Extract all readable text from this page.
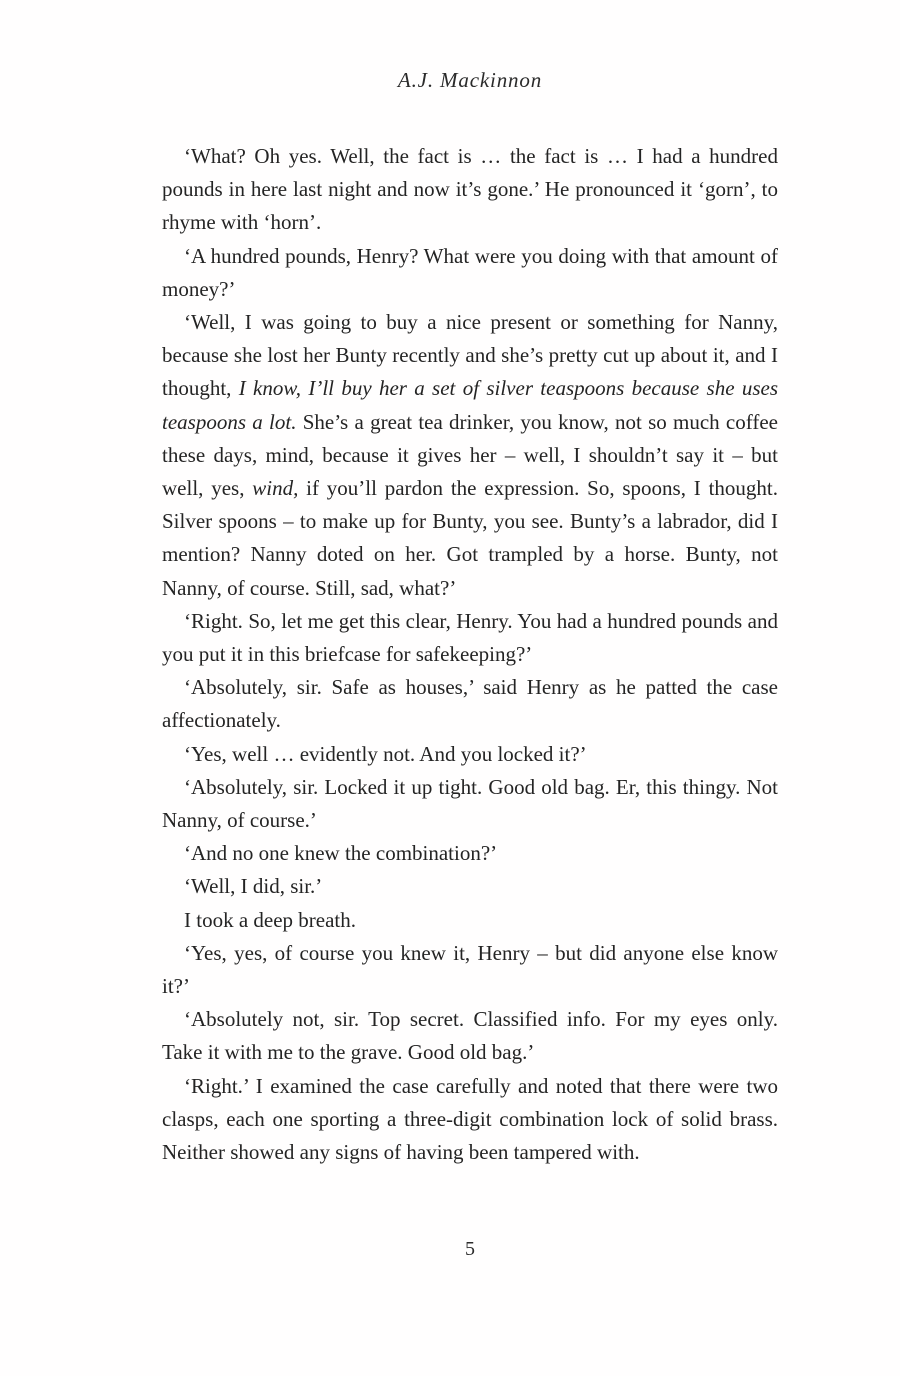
A.J. Mackinnon

‘What? Oh yes. Well, the fact is … the fact is … I had a hundred pounds in here last night and now it’s gone.’ He pronounced it ‘gorn’, to rhyme with ‘horn’.

‘A hundred pounds, Henry? What were you doing with that amount of money?’

‘Well, I was going to buy a nice present or something for Nanny, because she lost her Bunty recently and she’s pretty cut up about it, and I thought, I know, I’ll buy her a set of silver teaspoons because she uses teaspoons a lot. She’s a great tea drinker, you know, not so much coffee these days, mind, because it gives her – well, I shouldn’t say it – but well, yes, wind, if you’ll pardon the expression. So, spoons, I thought. Silver spoons – to make up for Bunty, you see. Bunty’s a labrador, did I mention? Nanny doted on her. Got trampled by a horse. Bunty, not Nanny, of course. Still, sad, what?’

‘Right. So, let me get this clear, Henry. You had a hundred pounds and you put it in this briefcase for safekeeping?’

‘Absolutely, sir. Safe as houses,’ said Henry as he patted the case affectionately.

‘Yes, well … evidently not. And you locked it?’

‘Absolutely, sir. Locked it up tight. Good old bag. Er, this thingy. Not Nanny, of course.’

‘And no one knew the combination?’

‘Well, I did, sir.’

I took a deep breath.

‘Yes, yes, of course you knew it, Henry – but did anyone else know it?’

‘Absolutely not, sir. Top secret. Classified info. For my eyes only. Take it with me to the grave. Good old bag.’

‘Right.’ I examined the case carefully and noted that there were two clasps, each one sporting a three-digit combination lock of solid brass. Neither showed any signs of having been tampered with.

5
